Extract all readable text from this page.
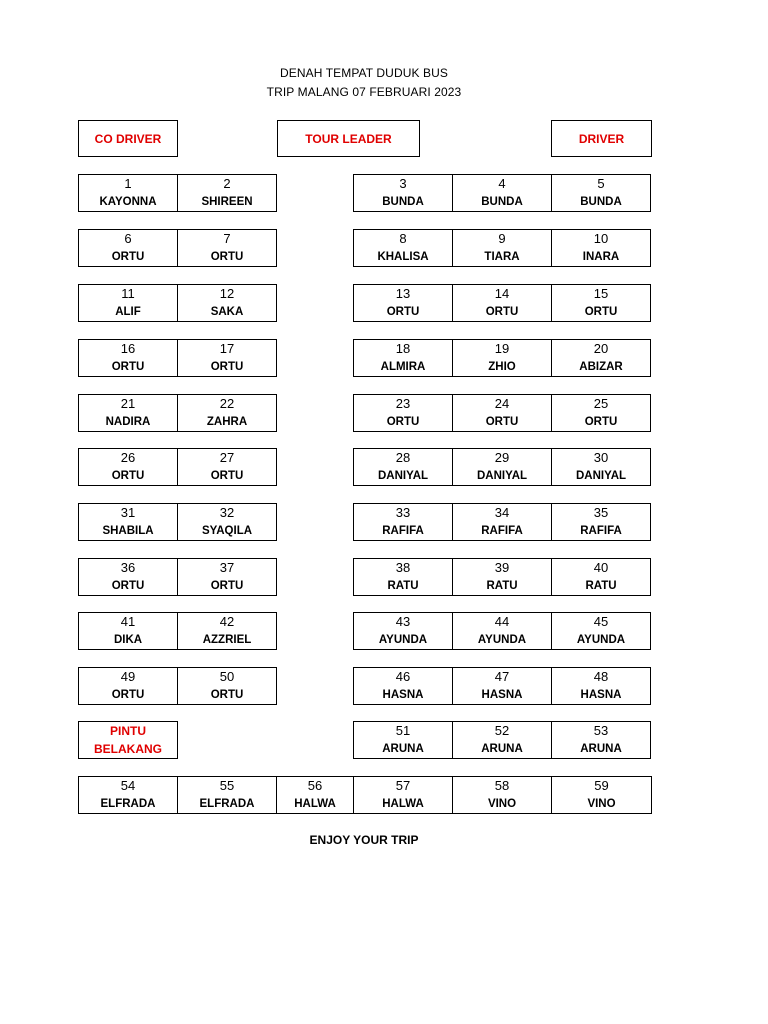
DENAH TEMPAT DUDUK BUS
TRIP MALANG 07 FEBRUARI 2023
CO DRIVER	TOUR LEADER	DRIVER
1
KAYONNA
2
SHIREEN
3
BUNDA
4
BUNDA
5
BUNDA
6
ORTU
7
ORTU
8
KHALISA
9
TIARA
10
INARA
11
ALIF
12
SAKA
13
ORTU
14
ORTU
15
ORTU
16
ORTU
17
ORTU
18
ALMIRA
19
ZHIO
20
ABIZAR
21
NADIRA
22
ZAHRA
23
ORTU
24
ORTU
25
ORTU
26
ORTU
27
ORTU
28
DANIYAL
29
DANIYAL
30
DANIYAL
31
SHABILA
32
SYAQILA
33
RAFIFA
34
RAFIFA
35
RAFIFA
36
ORTU
37
ORTU
38
RATU
39
RATU
40
RATU
41
DIKA
42
AZZRIEL
43
AYUNDA
44
AYUNDA
45
AYUNDA
49
ORTU
50
ORTU
46
HASNA
47
HASNA
48
HASNA
51
ARUNA
52
ARUNA
53
ARUNA
54
ELFRADA
55
ELFRADA
56
HALWA
57
HALWA
58
VINO
59
VINO
PINTU
BELAKANG
ENJOY YOUR TRIP
